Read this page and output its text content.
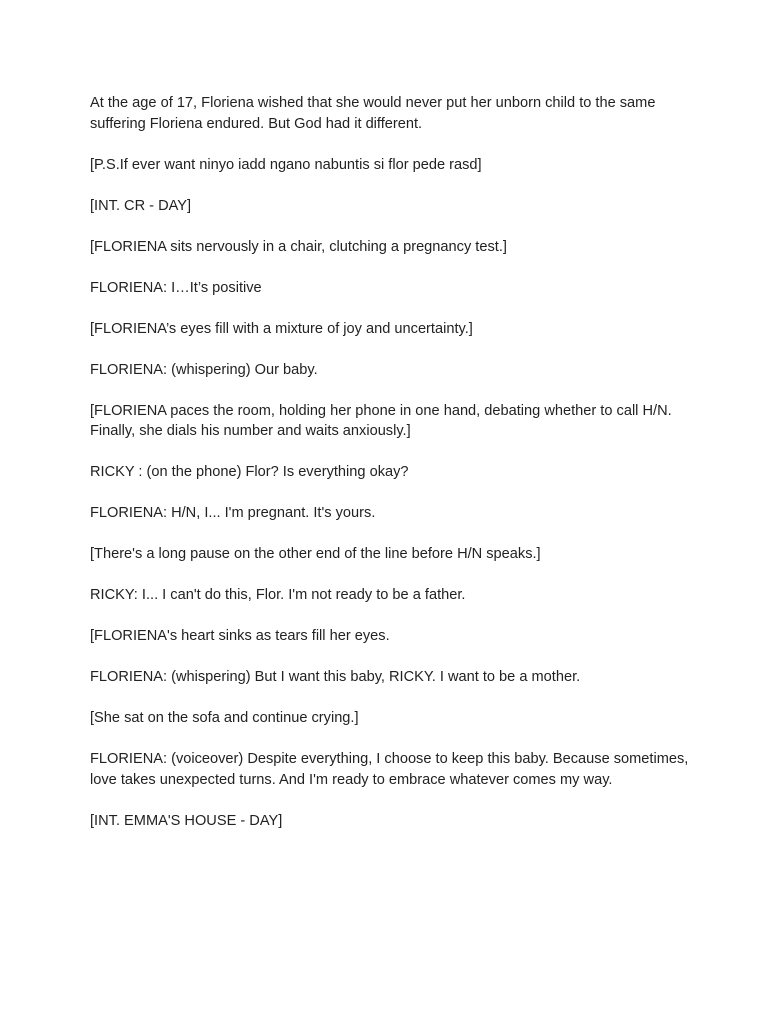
At the age of 17, Floriena wished that she would never put her unborn child to the same suffering Floriena endured. But God had it different.

[P.S.If ever want ninyo iadd ngano nabuntis si flor pede rasd]

[INT. CR - DAY]

[FLORIENA sits nervously in a chair, clutching a pregnancy test.]

FLORIENA: I…It’s positive

[FLORIENA’s eyes fill with a mixture of joy and uncertainty.]

FLORIENA: (whispering) Our baby.

[FLORIENA paces the room, holding her phone in one hand, debating whether to call H/N. Finally, she dials his number and waits anxiously.]

RICKY : (on the phone) Flor? Is everything okay?

FLORIENA: H/N, I... I'm pregnant. It's yours.

[There's a long pause on the other end of the line before H/N speaks.]

RICKY: I... I can't do this, Flor. I'm not ready to be a father.

[FLORIENA's heart sinks as tears fill her eyes.

FLORIENA: (whispering) But I want this baby, RICKY. I want to be a mother.

[She sat on the sofa and continue crying.]

FLORIENA: (voiceover) Despite everything, I choose to keep this baby. Because sometimes, love takes unexpected turns. And I'm ready to embrace whatever comes my way.

[INT. EMMA'S HOUSE - DAY]
